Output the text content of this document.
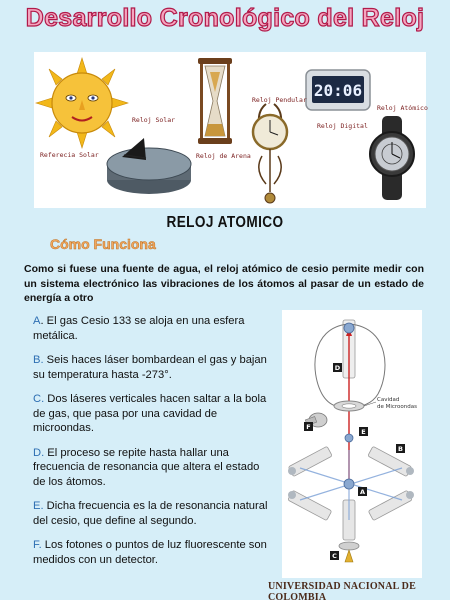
Desarrollo Cronológico del Reloj
20:06
Referecia Solar
Reloj Solar
Reloj de Arena
Reloj Pendular
Reloj Digital
Reloj Atómico
RELOJ ATOMICO
Cómo Funciona
Como si fuese una fuente de agua, el reloj atómico de cesio permite medir con un sistema electrónico las vibraciones de los átomos al pasar de un estado de energía a otro
A. El gas Cesio 133 se aloja en una esfera metálica.
B. Seis haces láser bombardean el gas y bajan su temperatura hasta -273°.
C. Dos láseres verticales hacen saltar a la bola de gas, que pasa por una cavidad de microondas.
D. El proceso se repite hasta hallar una frecuencia de resonancia que altera el estado de los átomos.
E. Dicha frecuencia es la de resonancia natural del cesio, que define al segundo.
F. Los fotones o puntos de luz fluorescente son medidos con un detector.
Cavidad
de Microondas
D
E
F
B
A
C
UNIVERSIDAD NACIONAL DE COLOMBIA
